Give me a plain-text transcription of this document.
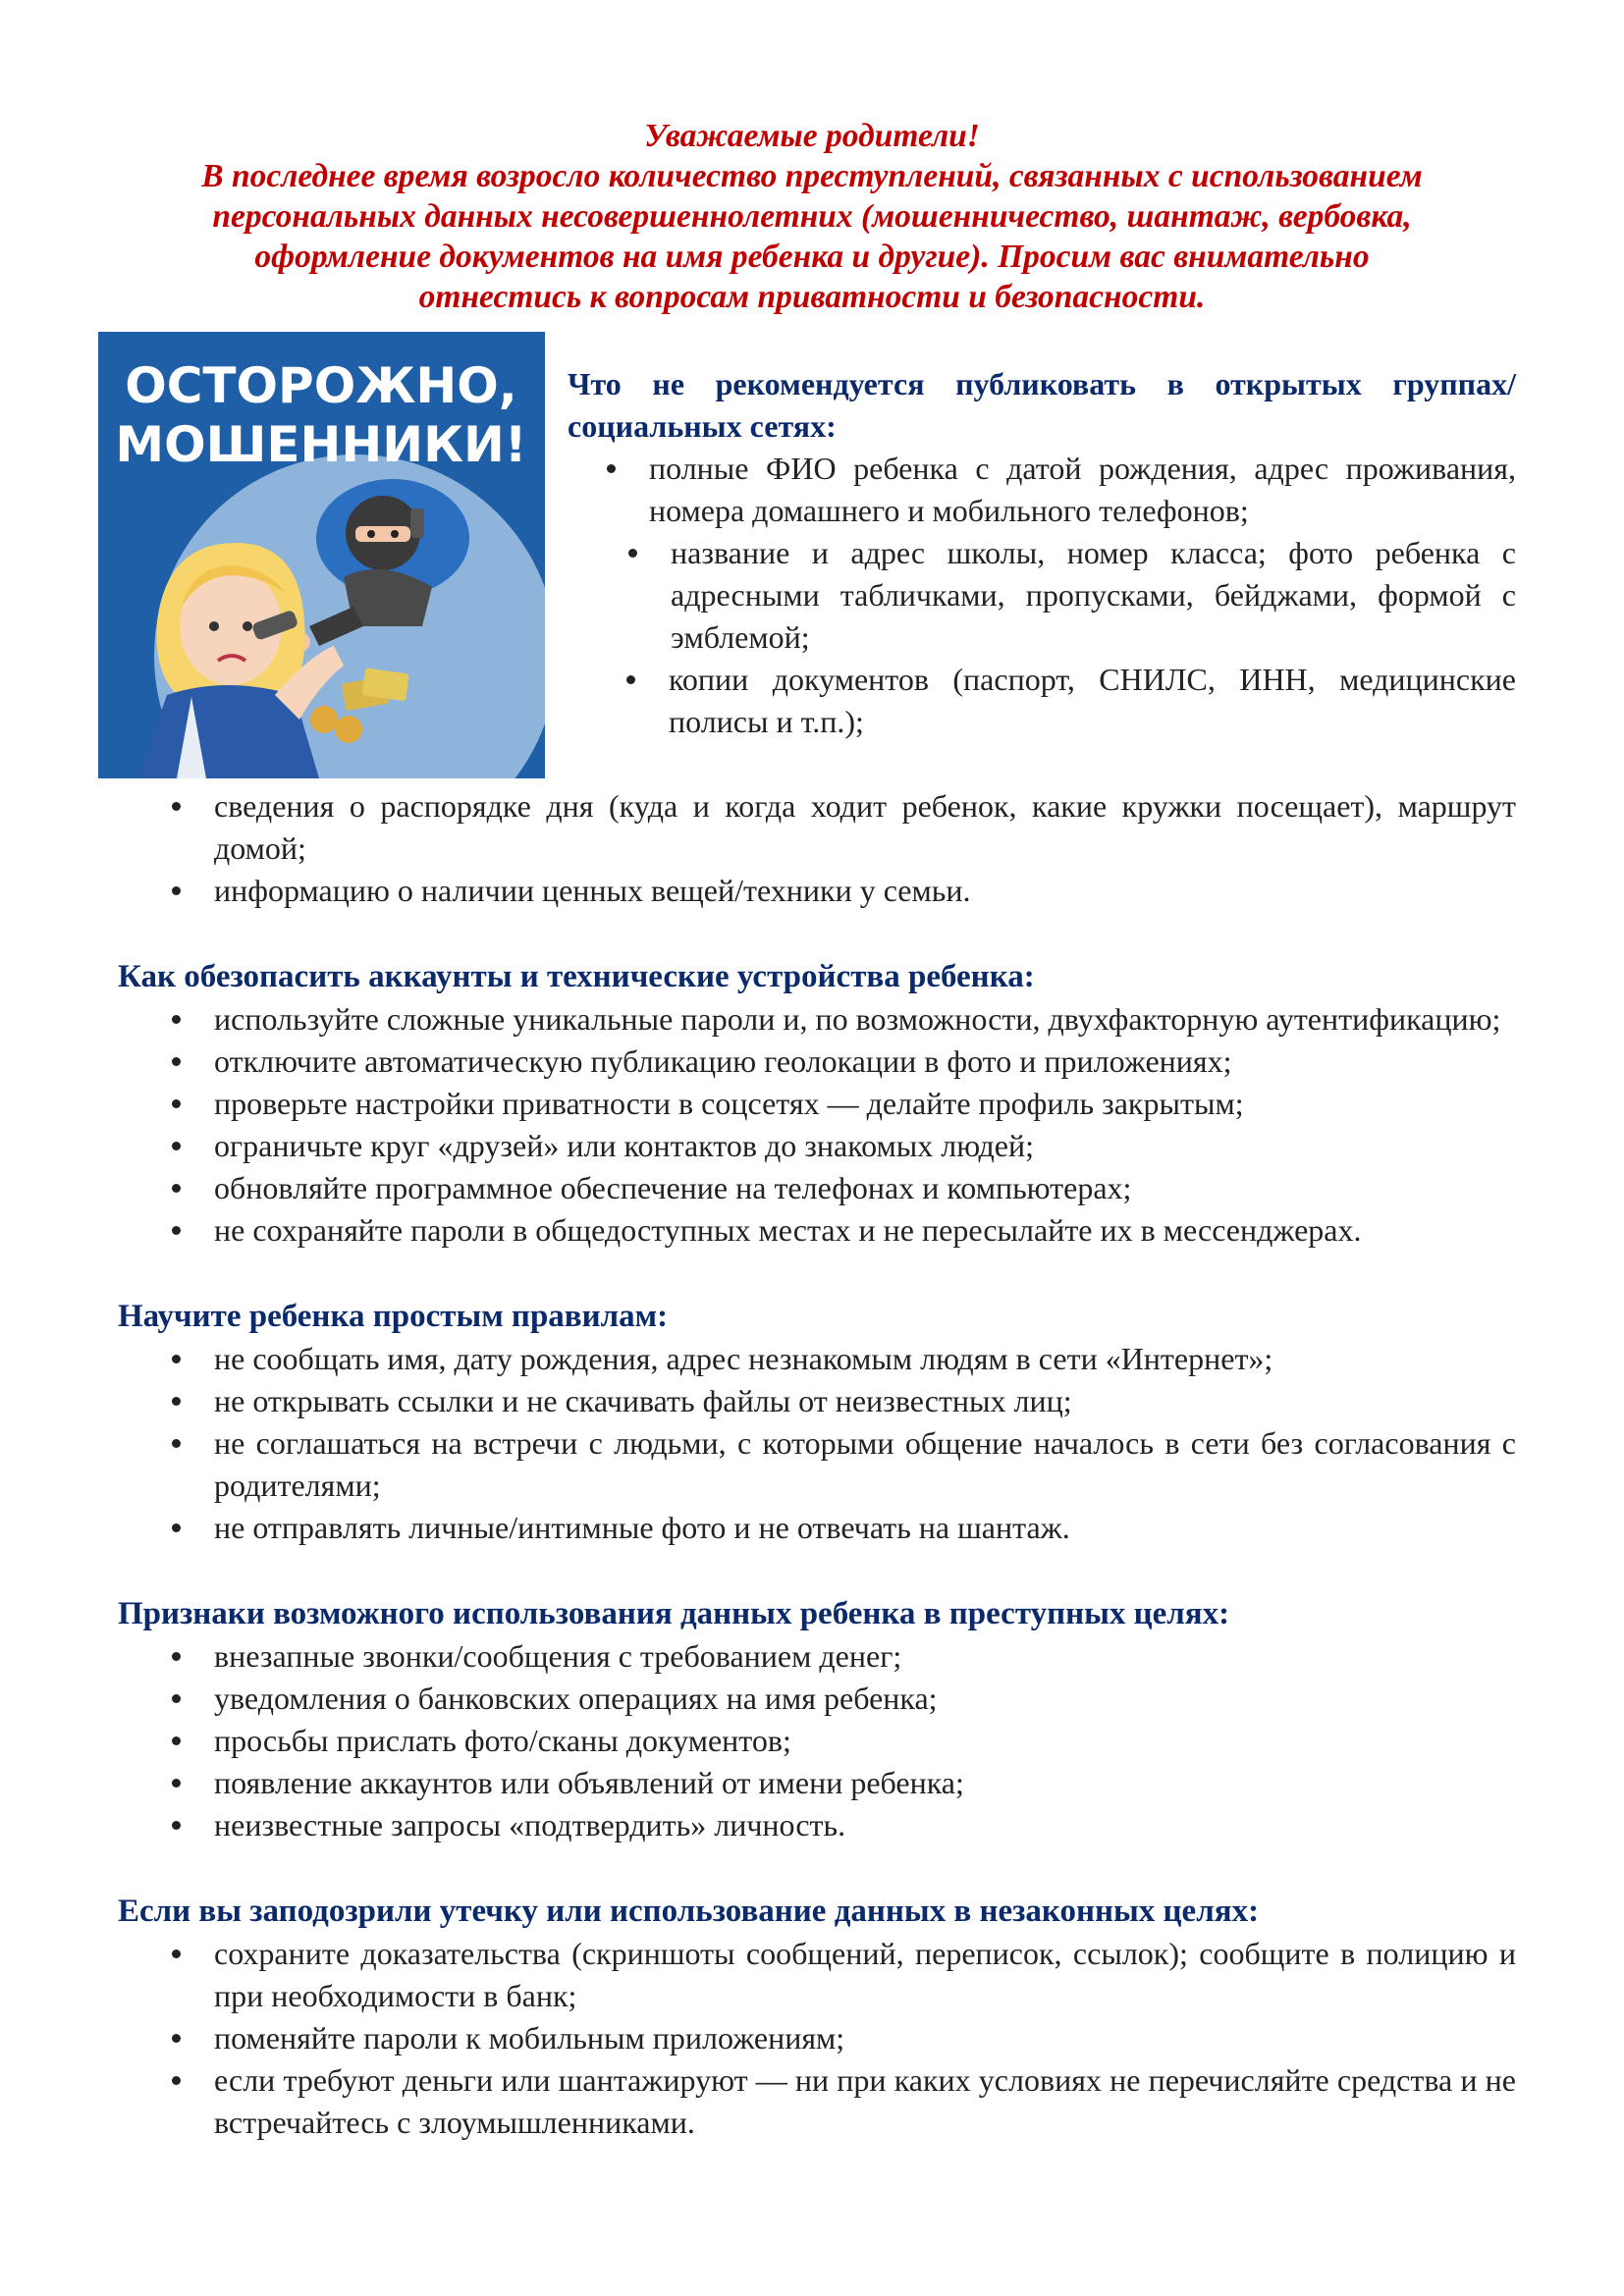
Уважаемые родители!
В последнее время возросло количество преступлений, связанных с использованием
персональных данных несовершеннолетних (мошенничество, шантаж, вербовка,
оформление документов на имя ребенка и другие). Просим вас внимательно
отнестись к вопросам приватности и безопасности.
ОСТОРОЖНО,
МОШЕННИКИ!
Что не рекомендуется публиковать в открытых группах/социальных сетях:
полные ФИО ребенка с датой рождения, адрес проживания, номера домашнего и мобильного телефонов;
название и адрес школы, номер класса; фото ребенка с адресными табличками, пропусками, бейджами, формой с эмблемой;
копии документов (паспорт, СНИЛС, ИНН, медицинские полисы и т.п.);
сведения о распорядке дня (куда и когда ходит ребенок, какие кружки посещает), маршрут домой;
информацию о наличии ценных вещей/техники у семьи.
Как обезопасить аккаунты и технические устройства ребенка:
используйте сложные уникальные пароли и, по возможности, двухфакторную аутентификацию;
отключите автоматическую публикацию геолокации в фото и приложениях;
проверьте настройки приватности в соцсетях — делайте профиль закрытым;
ограничьте круг «друзей» или контактов до знакомых людей;
обновляйте программное обеспечение на телефонах и компьютерах;
не сохраняйте пароли в общедоступных местах и не пересылайте их в мессенджерах.
Научите ребенка простым правилам:
не сообщать имя, дату рождения, адрес незнакомым людям в сети «Интернет»;
не открывать ссылки и не скачивать файлы от неизвестных лиц;
не соглашаться на встречи с людьми, с которыми общение началось в сети без согласования с родителями;
не отправлять личные/интимные фото и не отвечать на шантаж.
Признаки возможного использования данных ребенка в преступных целях:
внезапные звонки/сообщения с требованием денег;
уведомления о банковских операциях на имя ребенка;
просьбы прислать фото/сканы документов;
появление аккаунтов или объявлений от имени ребенка;
неизвестные запросы «подтвердить» личность.
Если вы заподозрили утечку или использование данных в незаконных целях:
сохраните доказательства (скриншоты сообщений, переписок, ссылок); сообщите в полицию и при необходимости в банк;
поменяйте пароли к мобильным приложениям;
если требуют деньги или шантажируют — ни при каких условиях не перечисляйте средства и не встречайтесь с злоумышленниками.
